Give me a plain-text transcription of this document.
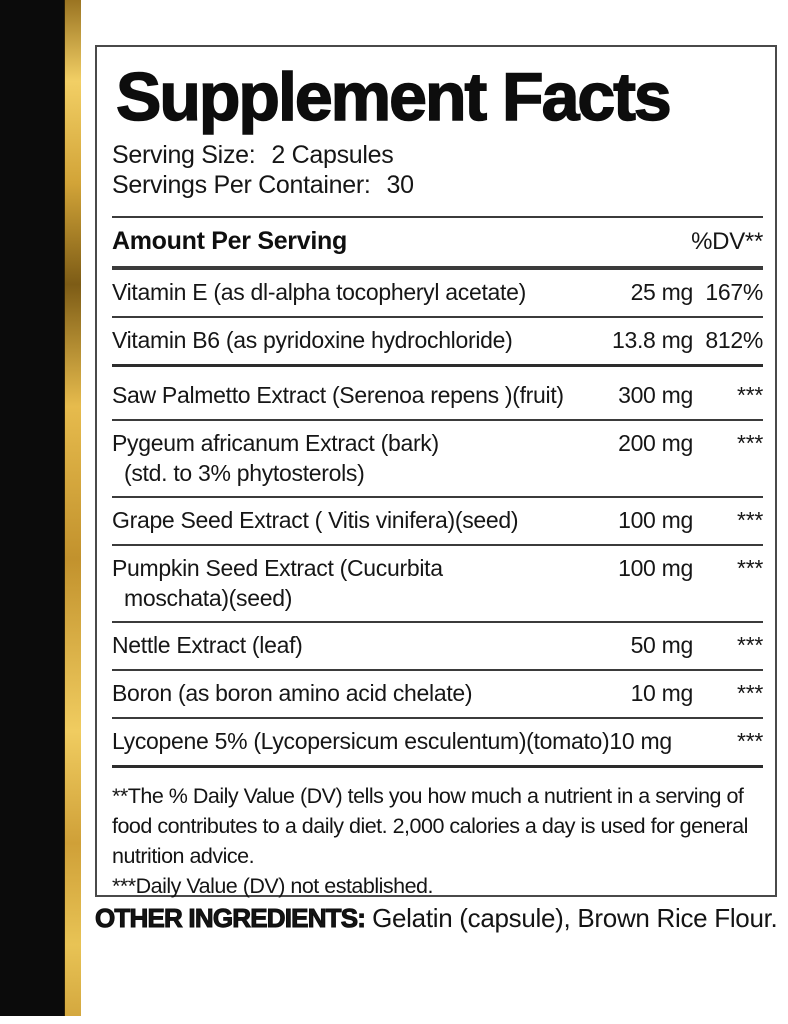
Supplement Facts
Serving Size: 2 Capsules
Servings Per Container: 30
Amount Per Serving	%DV**
Vitamin E (as dl-alpha tocopheryl acetate)	25 mg 167%
Vitamin B6 (as pyridoxine hydrochloride)	13.8 mg 812%
Saw Palmetto Extract (Serenoa repens )(fruit)	300 mg	***
Pygeum africanum Extract (bark)	200 mg	***
(std. to 3% phytosterols)
Grape Seed Extract ( Vitis vinifera)(seed)	100 mg	***
Pumpkin Seed Extract (Cucurbita	100 mg	***
moschata)(seed)
Nettle Extract (leaf)	50 mg	***
Boron (as boron amino acid chelate)	10 mg	***
Lycopene 5% (Lycopersicum esculentum)(tomato) 10 mg	***

**The % Daily Value (DV) tells you how much a nutrient in a serving of food contributes to a daily diet. 2,000 calories a day is used for general nutrition advice.

***Daily Value (DV) not established.

OTHER INGREDIENTS: Gelatin (capsule), Brown Rice Flour.
